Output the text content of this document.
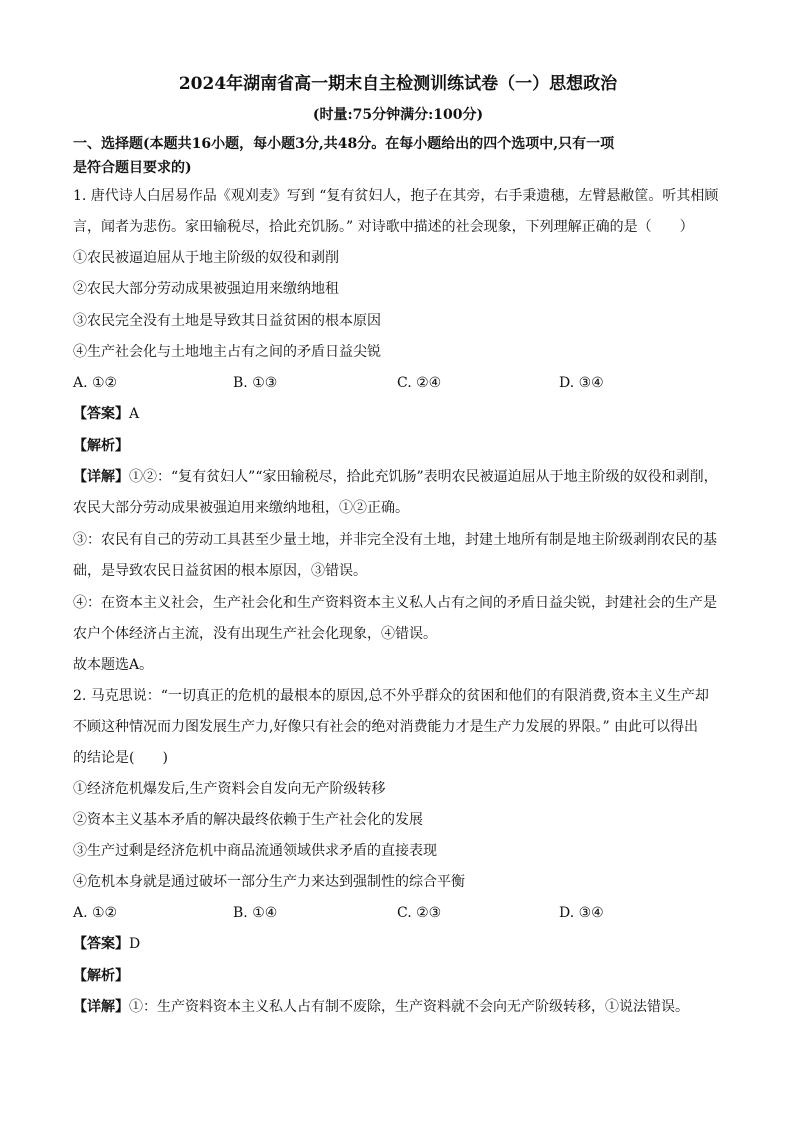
2024年湖南省高一期末自主检测训练试卷（一）思想政治
(时量:75分钟满分:100分)
一、选择题(本题共16小题，每小题3分,共48分。在每小题给出的四个选项中,只有一项
是符合题目要求的)
1. 唐代诗人白居易作品《观刈麦》写到 “复有贫妇人，抱子在其旁，右手秉遗穗，左臂悬敝筐。听其相顾
言，闻者为悲伤。家田输税尽，拾此充饥肠。” 对诗歌中描述的社会现象，下列理解正确的是（　　）
①农民被逼迫屈从于地主阶级的奴役和剥削
②农民大部分劳动成果被强迫用来缴纳地租
③农民完全没有土地是导致其日益贫困的根本原因
④生产社会化与土地地主占有之间的矛盾日益尖锐
A. ①②	B. ①③	C. ②④	D. ③④
【答案】A
【解析】
【详解】①②：“复有贫妇人”“家田输税尽，拾此充饥肠”表明农民被逼迫屈从于地主阶级的奴役和剥削，
农民大部分劳动成果被强迫用来缴纳地租，①②正确。
③：农民有自己的劳动工具甚至少量土地，并非完全没有土地，封建土地所有制是地主阶级剥削农民的基
础，是导致农民日益贫困的根本原因，③错误。
④：在资本主义社会，生产社会化和生产资料资本主义私人占有之间的矛盾日益尖锐，封建社会的生产是
农户个体经济占主流，没有出现生产社会化现象，④错误。
故本题选A。
2. 马克思说：“一切真正的危机的最根本的原因,总不外乎群众的贫困和他们的有限消费,资本主义生产却
不顾这种情况而力图发展生产力,好像只有社会的绝对消费能力才是生产力发展的界限。” 由此可以得出
的结论是(　　)
①经济危机爆发后,生产资料会自发向无产阶级转移
②资本主义基本矛盾的解决最终依赖于生产社会化的发展
③生产过剩是经济危机中商品流通领域供求矛盾的直接表现
④危机本身就是通过破坏一部分生产力来达到强制性的综合平衡
A. ①②	B. ①④	C. ②③	D. ③④
【答案】D
【解析】
【详解】①：生产资料资本主义私人占有制不废除，生产资料就不会向无产阶级转移，①说法错误。
